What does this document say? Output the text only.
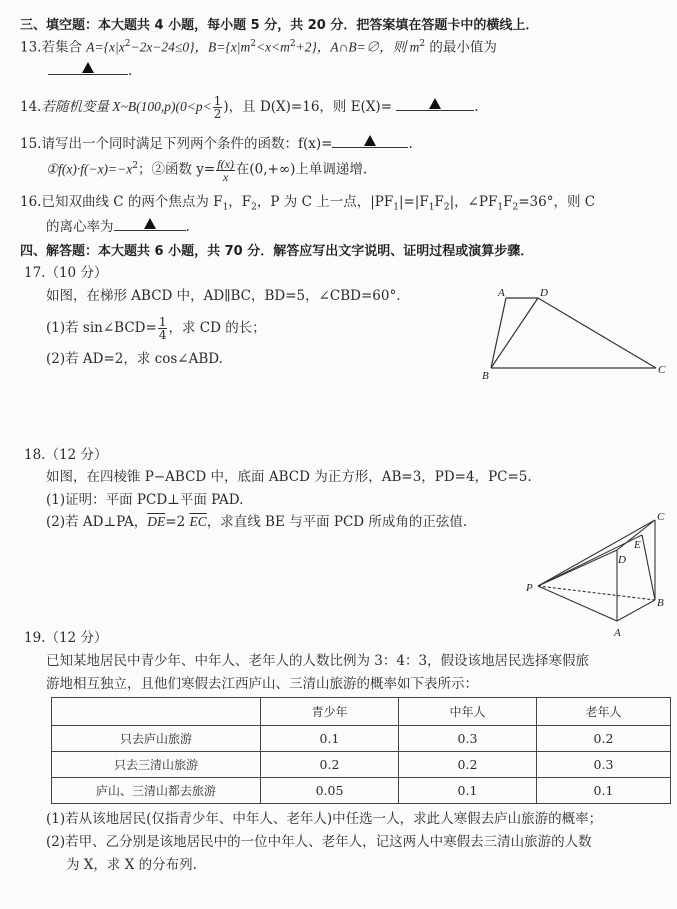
三、填空题：本大题共 4 小题，每小题 5 分，共 20 分．把答案填在答题卡中的横线上．
13.若集合 $A=\{x|x^2-2x-24\le 0\}$，$B=\{x|m^2<x<m^2+2\}$，A∩B=∅，则 $m^2$ 的最小值为
.
14.若随机变量 X~B(100,p)(0<p< $\frac{1}{2}$ )，且 D(X)=16，则 E(X)=	.
15.请写出一个同时满足下列两个条件的函数：f(x)=	.
$①f(x)\cdot f(-x)=-x^2$；②函数 $y= \frac{f(x)}{x}$ 在(0,+∞)上单调递增.
16.已知双曲线 C 的两个焦点为 $F_1$，$F_2$，P 为 C 上一点，$|PF_1|=|F_1F_2|$，$\angle PF_1F_2=36^\circ$，则 C
的离心率为	.
四、解答题：本大题共 6 小题，共 70 分．解答应写出文字说明、证明过程或演算步骤．
17.（10 分）
如图，在梯形 ABCD 中，AD∥BC，BD=5，∠CBD=60°.
(1)若 sin∠BCD= $\frac{1}{4}$ ，求 CD 的长；
(2)若 AD=2，求 cos∠ABD.
A	D
B	C
18.（12 分）
如图，在四棱锥 P−ABCD 中，底面 ABCD 为正方形，AB=3，PD=4，PC=5.
(1)证明：平面 PCD⊥平面 PAD.
(2)若 AD⊥PA，$\overline{DE}=2$ $\overline{EC}$，求直线 BE 与平面 PCD 所成角的正弦值.	C
E
D
P
B
A
19.（12 分）
已知某地居民中青少年、中年人、老年人的人数比例为 3：4：3，假设该地居民选择寒假旅
游地相互独立，且他们寒假去江西庐山、三清山旅游的概率如下表所示：
	青少年	中年人	老年人
只去庐山旅游	0.1	0.3	0.2
只去三清山旅游	0.2	0.2	0.3
庐山、三清山都去旅游	0.05	0.1	0.1
(1)若从该地居民(仅指青少年、中年人、老年人)中任选一人，求此人寒假去庐山旅游的概率；
(2)若甲、乙分别是该地居民中的一位中年人、老年人，记这两人中寒假去三清山旅游的人数
为 X，求 X 的分布列.
